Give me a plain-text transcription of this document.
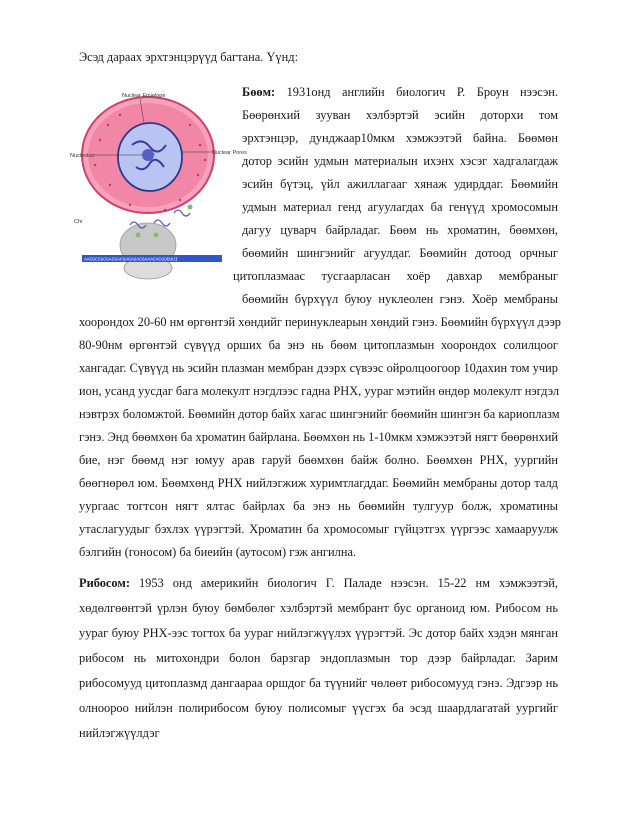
Эсэд дараах эрхтэнцэрүүд багтана. Үүнд:
Nuclear Envelope
Nucleolus	Nuclear Pores
Chr
AACGCCGCGACGACGAGAGACGAAACACGUGUUI
Бөөм: 1931онд английн биологич Р. Броун нээсэн.
Бөөрөнхий зууван хэлбэртэй эсийн доторхи том
эрхтэнцэр, дунджаар10мкм хэмжээтэй байна. Бөөмөн
дотор эсийн удмын материалын ихэнх хэсэг хадгалагдаж
эсийн бүтэц, үйл ажиллагааг хянаж удирддаг. Бөөмийн
удмын материал генд агуулагдах ба генүүд хромосомын
дагуу цуварч байрладаг. Бөөм нь хроматин, бөөмхөн,
бөөмийн шингэнийг агуулдаг. Бөөмийн дотоод орчныг
цитоплазмаас тусгаарласан хоёр давхар мембраныг
бөөмийн бүрхүүл буюу нуклеолен гэнэ. Хоёр мембраны
хоорондох 20-60 нм өргөнтэй хөндийг перинуклеарын хөндий гэнэ. Бөөмийн бүрхүүл дээр
80-90нм өргөнтэй сүвүүд орших ба энэ нь бөөм цитоплазмын хоорондох солилцоог
хангадаг. Сүвүүд нь эсийн плазман мембран дээрх сүвээс ойролцоогоор 10дахин том учир
ион, усанд уусдаг бага молекулт нэгдлээс гадна РНХ, уураг мэтийн өндөр молекулт нэгдэл
нэвтрэх боломжтой. Бөөмийн дотор байх хагас шингэнийг бөөмийн шингэн ба кариоплазм
гэнэ. Энд бөөмхөн ба хроматин байрлана. Бөөмхөн нь 1-10мкм хэмжээтэй нягт бөөрөнхий
бие, нэг бөөмд нэг юмуу арав гаруй бөөмхөн байж болно. Бөөмхөн РНХ, уургийн
бөөгнөрөл юм. Бөөмхөнд РНХ нийлэгжиж хуримтлагддаг. Бөөмийн мембраны дотор талд
уургаас тогтсон нягт ялтас байрлах ба энэ нь бөөмийн тулгуур болж, хроматины
утаслагуудыг бэхлэх үүрэгтэй. Хроматин ба хромосомыг гүйцэтгэх үүргээс хамааруулж
бэлгийн (гоносом) ба биеийн (аутосом) гэж ангилна.
Рибосом: 1953 онд америкийн биологич Г. Паладе нээсэн. 15-22 нм хэмжээтэй,
хөдөлгөөнтэй үрлэн буюу бөмбөлөг хэлбэртэй мембрант бус органоид юм. Рибосом нь
уураг буюу РНХ-ээс тогтох ба уураг нийлэгжүүлэх үүрэгтэй. Эс дотор байх хэдэн мянган
рибосом нь митохондри болон барзгар эндоплазмын тор дээр байрладаг. Зарим
рибосомууд цитоплазмд дангаараа оршдог ба түүнийг чөлөөт рибосомууд гэнэ. Эдгээр нь
олноороо нийлэн полирибосом буюу полисомыг үүсгэх ба эсэд шаардлагатай уургийг
нийлэгжүүлдэг
